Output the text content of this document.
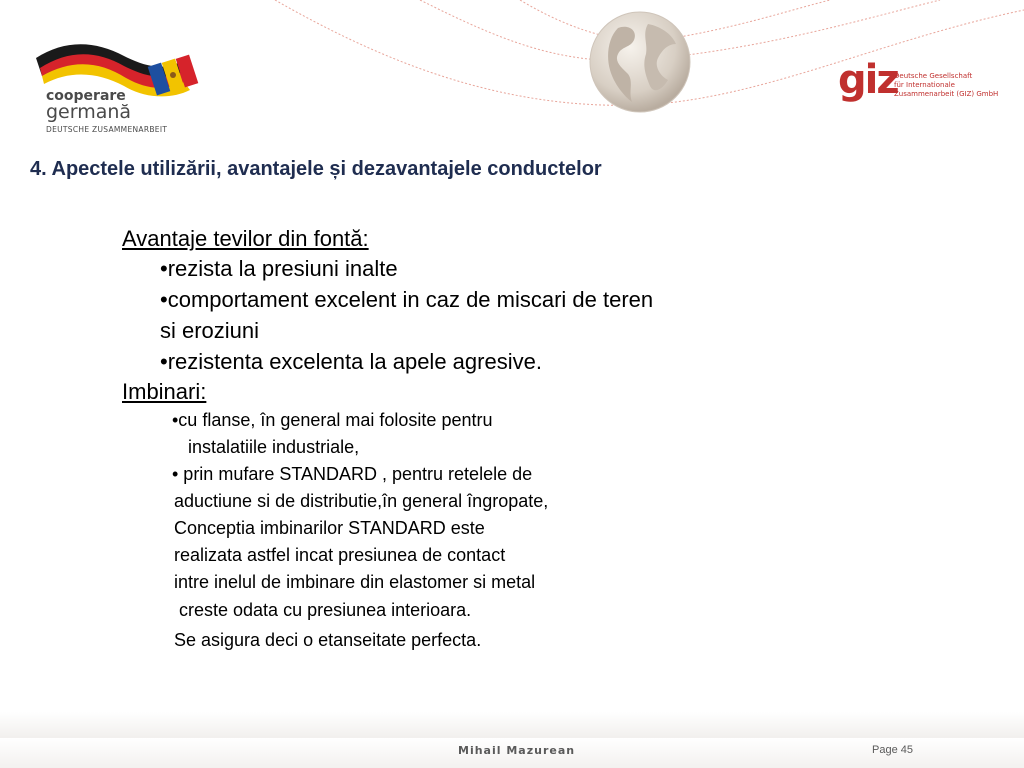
cooperare
germană
DEUTSCHE ZUSAMMENARBEIT
giz
Deutsche Gesellschaft
für Internationale
Zusammenarbeit (GIZ) GmbH
4. Apectele utilizării, avantajele și dezavantajele conductelor
Avantaje tevilor din fontă:
•rezista la presiuni inalte
•comportament excelent in caz de miscari de teren
si eroziuni
•rezistenta excelenta la apele agresive.
Imbinari:
•cu flanse, în general mai folosite pentru
instalatiile industriale,
• prin mufare STANDARD , pentru retelele de
aductiune si de distributie,în general îngropate,
Conceptia imbinarilor STANDARD este
realizata astfel incat presiunea de contact
intre inelul de imbinare din elastomer si metal
creste odata cu presiunea interioara.
Se asigura deci o etanseitate perfecta.
Mihail Mazurean	Page 45
